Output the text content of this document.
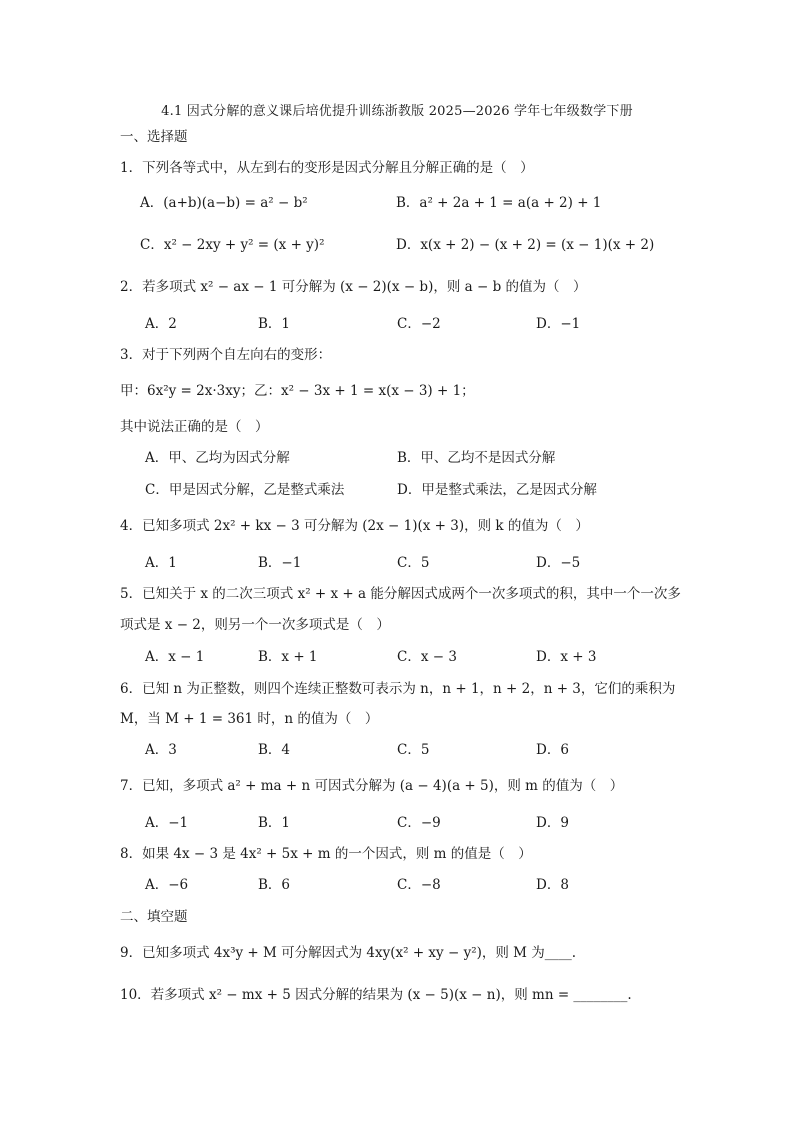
4.1 因式分解的意义课后培优提升训练浙教版 2025—2026 学年七年级数学下册
一、选择题
1．下列各等式中，从左到右的变形是因式分解且分解正确的是（　）
A．(a+b)(a−b) = a² − b²	B．a² + 2a + 1 = a(a + 2) + 1
C．x² − 2xy + y² = (x + y)²	D．x(x + 2) − (x + 2) = (x − 1)(x + 2)
2．若多项式 x² − ax − 1 可分解为 (x − 2)(x − b)，则 a − b 的值为（　）
A．2	B．1	C．−2	D．−1
3．对于下列两个自左向右的变形：
甲：6x²y = 2x·3xy；乙：x² − 3x + 1 = x(x − 3) + 1；
其中说法正确的是（　）
A．甲、乙均为因式分解	B．甲、乙均不是因式分解
C．甲是因式分解，乙是整式乘法	D．甲是整式乘法，乙是因式分解
4．已知多项式 2x² + kx − 3 可分解为 (2x − 1)(x + 3)，则 k 的值为（　）
A．1	B．−1	C．5	D．−5
5．已知关于 x 的二次三项式 x² + x + a 能分解因式成两个一次多项式的积，其中一个一次多
项式是 x − 2，则另一个一次多项式是（　）
A．x − 1	B．x + 1	C．x − 3	D．x + 3
6．已知 n 为正整数，则四个连续正整数可表示为 n，n + 1，n + 2，n + 3，它们的乘积为
M，当 M + 1 = 361 时，n 的值为（　）
A．3	B．4	C．5	D．6
7．已知，多项式 a² + ma + n 可因式分解为 (a − 4)(a + 5)，则 m 的值为（　）
A．−1	B．1	C．−9	D．9
8．如果 4x − 3 是 4x² + 5x + m 的一个因式，则 m 的值是（　）
A．−6	B．6	C．−8	D．8
二、填空题
9．已知多项式 4x³y + M 可分解因式为 4xy(x² + xy − y²)，则 M 为____.
10．若多项式 x² − mx + 5 因式分解的结果为 (x − 5)(x − n)，则 mn = ________.
